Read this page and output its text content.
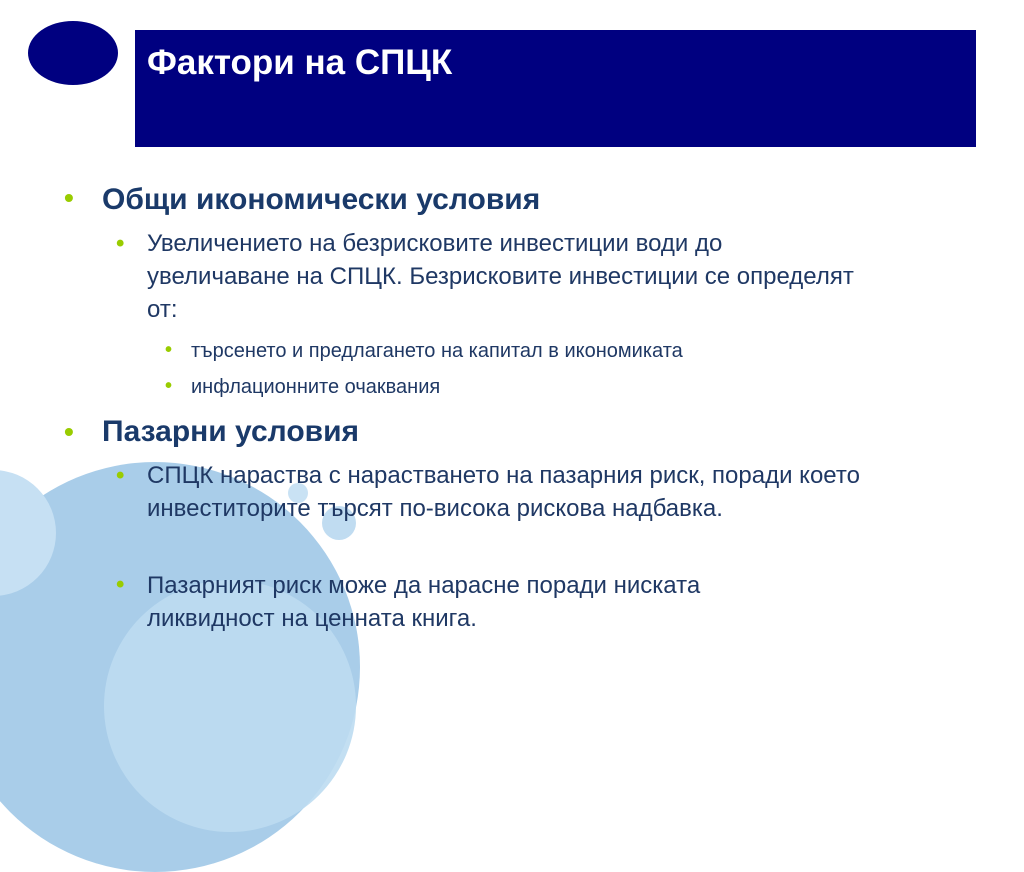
Фактори на СПЦК
• Общи икономически условия
• Увеличението на безрисковите инвестиции води до увеличаване на СПЦК. Безрисковите инвестиции се определят от:
• търсенето и предлагането на капитал в икономиката
• инфлационните очаквания
• Пазарни условия
• СПЦК нараства с нарастването на пазарния риск, поради което инвеститорите търсят по-висока рискова надбавка.
• Пазарният риск може да нарасне поради ниската ликвидност на ценната книга.
